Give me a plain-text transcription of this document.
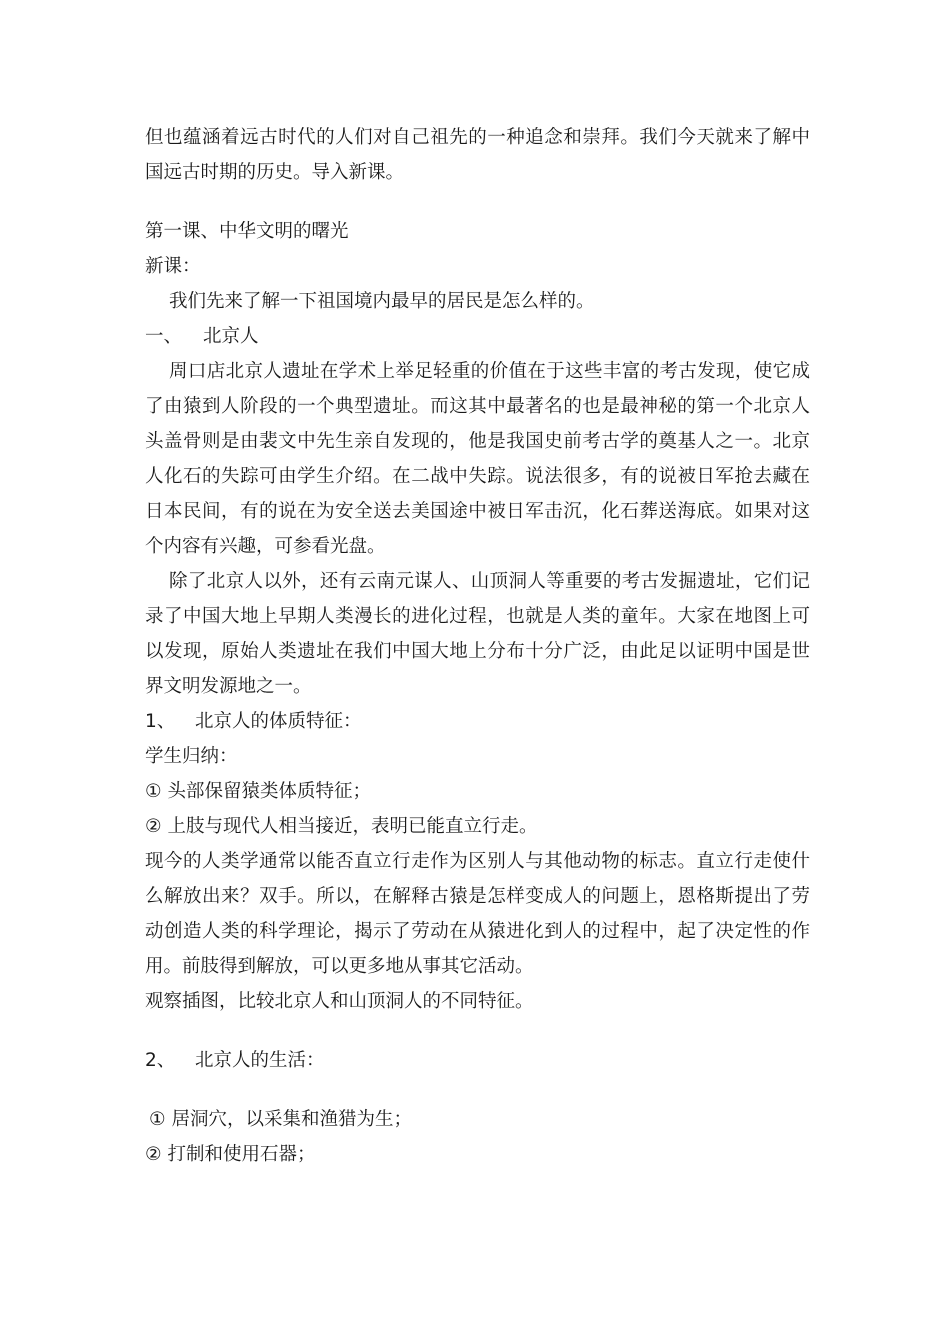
但也蕴涵着远古时代的人们对自己祖先的一种追念和崇拜。我们今天就来了解中国远古时期的历史。导入新课。

第一课、中华文明的曙光

新课：

我们先来了解一下祖国境内最早的居民是怎么样的。

一、 北京人

周口店北京人遗址在学术上举足轻重的价值在于这些丰富的考古发现，使它成了由猿到人阶段的一个典型遗址。而这其中最著名的也是最神秘的第一个北京人头盖骨则是由裴文中先生亲自发现的，他是我国史前考古学的奠基人之一。北京人化石的失踪可由学生介绍。在二战中失踪。说法很多，有的说被日军抢去藏在日本民间，有的说在为安全送去美国途中被日军击沉，化石葬送海底。如果对这个内容有兴趣，可参看光盘。

除了北京人以外，还有云南元谋人、山顶洞人等重要的考古发掘遗址，它们记录了中国大地上早期人类漫长的进化过程，也就是人类的童年。大家在地图上可以发现，原始人类遗址在我们中国大地上分布十分广泛，由此足以证明中国是世界文明发源地之一。

1、 北京人的体质特征：

学生归纳：

① 头部保留猿类体质特征；

② 上肢与现代人相当接近，表明已能直立行走。

现今的人类学通常以能否直立行走作为区别人与其他动物的标志。直立行走使什么解放出来？双手。所以，在解释古猿是怎样变成人的问题上，恩格斯提出了劳动创造人类的科学理论，揭示了劳动在从猿进化到人的过程中，起了决定性的作用。前肢得到解放，可以更多地从事其它活动。

观察插图，比较北京人和山顶洞人的不同特征。

2、 北京人的生活：

① 居洞穴，以采集和渔猎为生；

② 打制和使用石器；
